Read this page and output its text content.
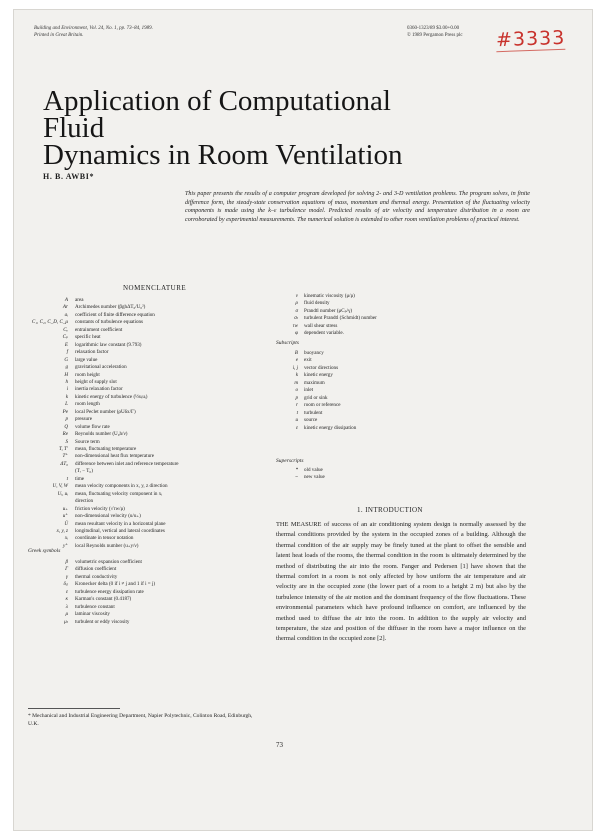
Building and Environment, Vol. 24, No. 1, pp. 73–84, 1989.
Printed in Great Britain.
0360-1323/89 $3.00+0.00
© 1989 Pergamon Press plc #3333
Application of Computational Fluid
Dynamics in Room Ventilation
H. B. AWBI*
This paper presents the results of a computer program developed for solving 2- and 3-D ventilation problems. The program solves, in finite difference form, the steady-state conservation equations of mass, momentum and thermal energy. Presentation of the fluctuating velocity components is made using the k–ε turbulence model. Predicted results of air velocity and temperature distribution in a room are corroborated by experimental measurements. The numerical solution is extended to other room ventilation problems of practical interest.
NOMENCLATURE
A area
Ar Archimedes number (βghΔT₀/U₀²)
aᵢ coefficient of finite difference equation
C₁, C₂, C_D, C_μ constants of turbulence equations
Cₑ entrainment coefficient
Cₚ specific heat
E logarithmic law constant (9.793)
f relaxation factor
G large value
g gravitational acceleration
H room height
h height of supply slot
i inertia relaxation factor
k kinetic energy of turbulence (½uᵢuᵢ)
L room length
Pe local Peclet number (ρUδx/Γ)
p pressure
Q volume flow rate
Re Reynolds number (U₀h/ν)
S Source term
T, T′ mean, fluctuating temperature
T⁺ non-dimensional heat flux temperature
ΔT₀ difference between inlet and reference temperature
(Tᵣ − T₀)
t time
U, V, W mean velocity components in x, y, z direction
Uᵢ, uᵢ mean, fluctuating velocity component in xᵢ
direction
u₊ friction velocity (√τw/ρ)
u⁺ non-dimensional velocity (u/u₊)
Ū mean resultant velocity in a horizontal plane
x, y, z longitudinal, vertical and lateral coordinates
xᵢ coordinate in tensor notation
y⁺ local Reynolds number (u₊y/ν)
Greek symbols
β volumetric expansion coefficient
Γ diffusion coefficient
γ thermal conductivity
δᵢⱼ Kronecker delta (0 if i ≠ j and 1 if i = j)
ε turbulence energy dissipation rate
κ Karman's constant (0.4187)
λ turbulence constant
μ laminar viscosity
μₜ turbulent or eddy viscosity
ν kinematic viscosity (μ/ρ)
ρ fluid density
σ Prandtl number (μCₚ/γ)
σₜ turbulent Prandtl (Schmidt) number
τw wall shear stress
φ dependent variable.
Subscripts
B buoyancy
e exit
i, j vector directions
k kinetic energy
m maximum
o inlet
p grid or sink
r room or reference
t turbulent
u source
ε kinetic energy dissipation
Superscripts
* old value
~ new value
1. INTRODUCTION
THE MEASURE of success of an air conditioning system design is normally assessed by the thermal conditions provided by the system in the occupied zones of a building. Although the thermal condition of the air supply may be finely tuned at the plant to offset the sensible and latent heat loads of the rooms, the thermal condition in the room is ultimately determined by the method of distributing the air into the room. Fanger and Pedersen [1] have shown that the thermal comfort in a room is not only affected by how uniform the air temperature and air velocity are in the occupied zone (the lower part of a room to a height 2 m) but also by the turbulence intensity of the air motion and the dominant frequency of the flow fluctuations. These environmental parameters which have profound influence on comfort, are influenced by the method used to diffuse the air into the room. In addition to the supply air velocity and temperature, the size and position of the diffuser in the room have a major influence on the thermal condition in the occupied zone [2].
* Mechanical and Industrial Engineering Department, Napier Polytechnic, Colinton Road, Edinburgh, U.K.
73
